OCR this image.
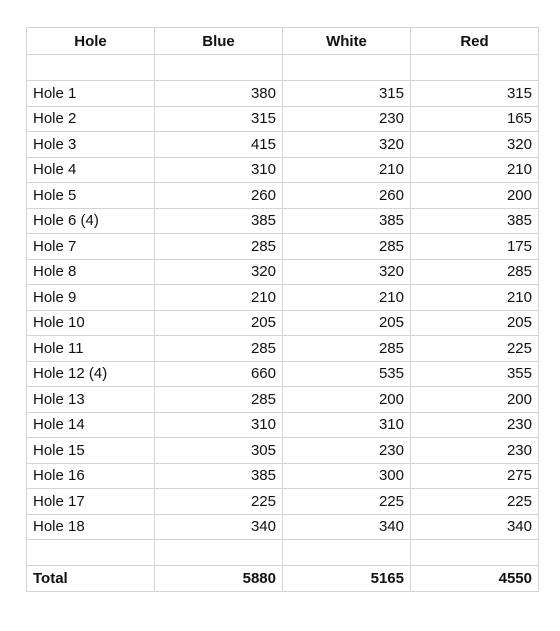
Hole	Blue	White	Red

Hole 1	380	315	315
Hole 2	315	230	165
Hole 3	415	320	320
Hole 4	310	210	210
Hole 5	260	260	200
Hole 6 (4)	385	385	385
Hole 7	285	285	175
Hole 8	320	320	285
Hole 9	210	210	210
Hole 10	205	205	205
Hole 11	285	285	225
Hole 12 (4)	660	535	355
Hole 13	285	200	200
Hole 14	310	310	230
Hole 15	305	230	230
Hole 16	385	300	275
Hole 17	225	225	225
Hole 18	340	340	340

Total	5880	5165	4550
